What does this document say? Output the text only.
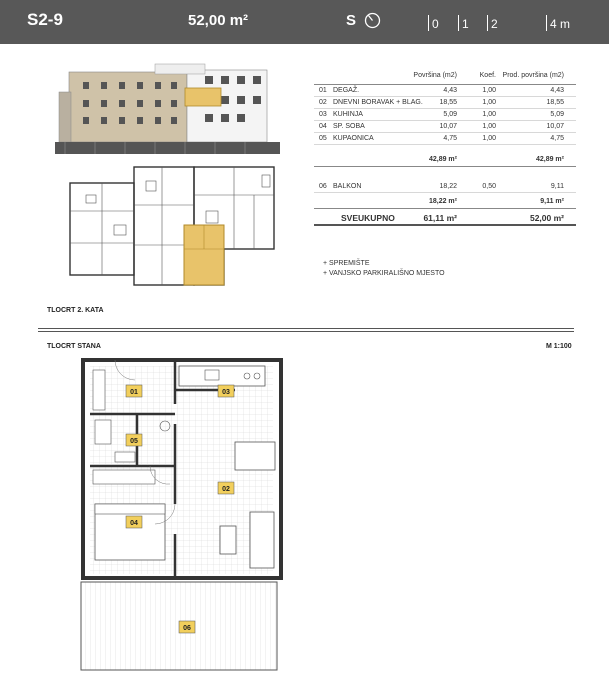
S2-9	52,00 m²	S	0	1	2	4 m
Površina (m2)	Koef. Prod. površina (m2)
01 DEGAŽ.	4,43	1,00	4,43
02 DNEVNI BORAVAK + BLAG. 18,55	1,00	18,55
03 KUHINJA	5,09	1,00	5,09
04 SP. SOBA	10,07	1,00	10,07
05 KUPAONICA	4,75	1,00	4,75
42,89 m²	42,89 m²
06 BALKON	18,22	0,50	9,11
18,22 m²	9,11 m²
SVEUKUPNO	61,11 m²	52,00 m²
+ SPREMIŠTE
+ VANJSKO PARKIRALIŠNO MJESTO
TLOCRT 2. KATA
TLOCRT STANA	M 1:100
01	03
05
02
04
06
